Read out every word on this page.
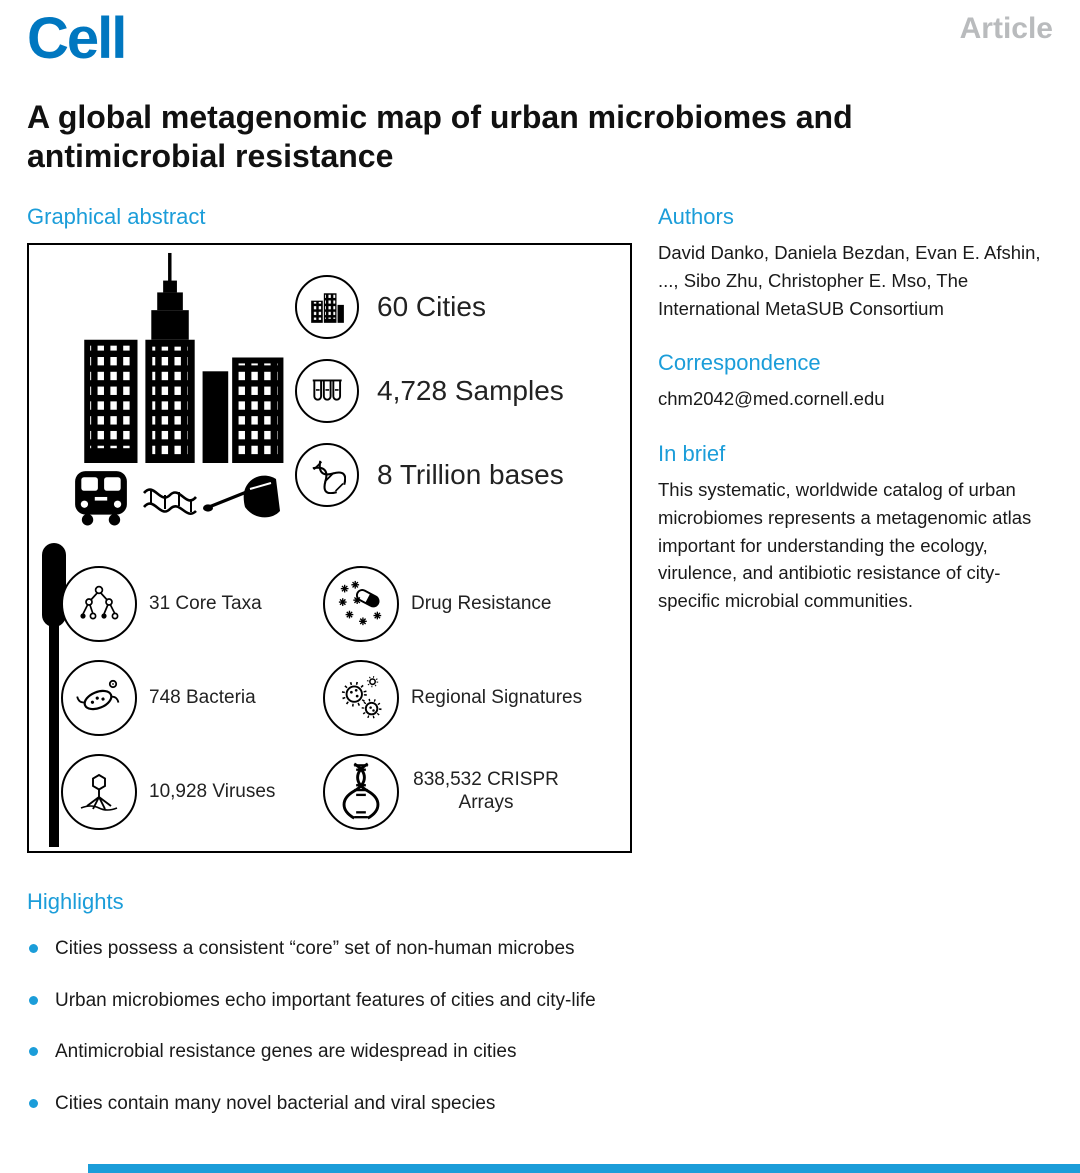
Cell	Article
A global metagenomic map of urban microbiomes and antimicrobial resistance
Graphical abstract
60 Cities
4,728 Samples
8 Trillion bases
31 Core Taxa	Drug Resistance
748 Bacteria	Regional Signatures
10,928 Viruses
838,532 CRISPR Arrays
Authors
David Danko, Daniela Bezdan, Evan E. Afshin, ..., Sibo Zhu, Christopher E. Mso, The International MetaSUB Consortium
Correspondence
chm2042@med.cornell.edu
In brief
This systematic, worldwide catalog of urban microbiomes represents a metagenomic atlas important for understanding the ecology, virulence, and antibiotic resistance of city-specific microbial communities.
Highlights
Cities possess a consistent “core” set of non-human microbes
Urban microbiomes echo important features of cities and city-life
Antimicrobial resistance genes are widespread in cities
Cities contain many novel bacterial and viral species
